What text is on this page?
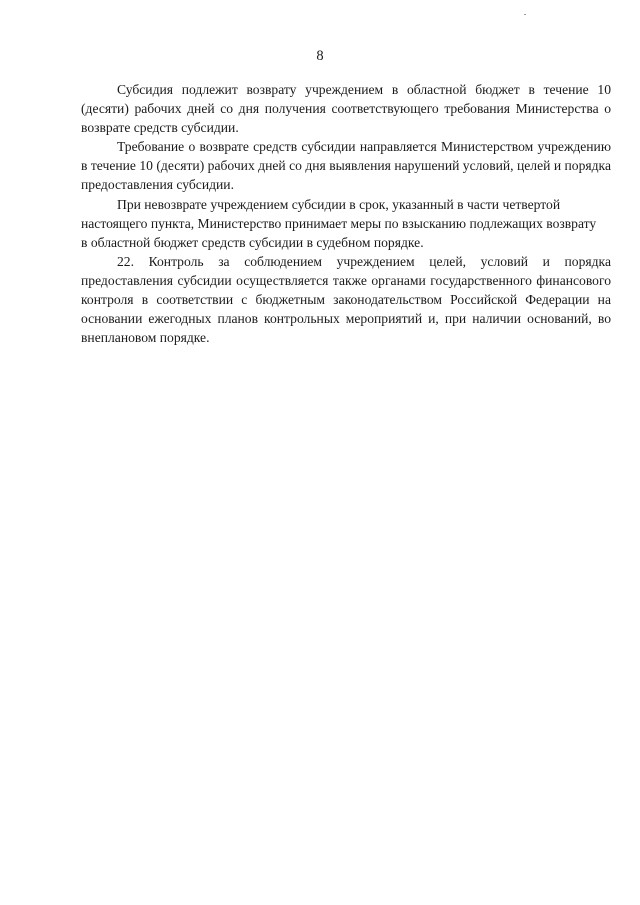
8

Субсидия подлежит возврату учреждением в областной бюджет в течение 10 (десяти) рабочих дней со дня получения соответствующего требования Министерства о возврате средств субсидии.

Требование о возврате средств субсидии направляется Министерством учреждению в течение 10 (десяти) рабочих дней со дня выявления нарушений условий, целей и порядка предоставления субсидии.

При невозврате учреждением субсидии в срок, указанный в части четвертой настоящего пункта, Министерство принимает меры по взысканию подлежащих возврату

в областной бюджет средств субсидии в судебном порядке.

22. Контроль за соблюдением учреждением целей, условий и порядка предоставления субсидии осуществляется также органами государственного финансового контроля в соответствии с бюджетным законодательством Российской Федерации на основании ежегодных планов контрольных мероприятий и, при наличии оснований, во внеплановом порядке.
